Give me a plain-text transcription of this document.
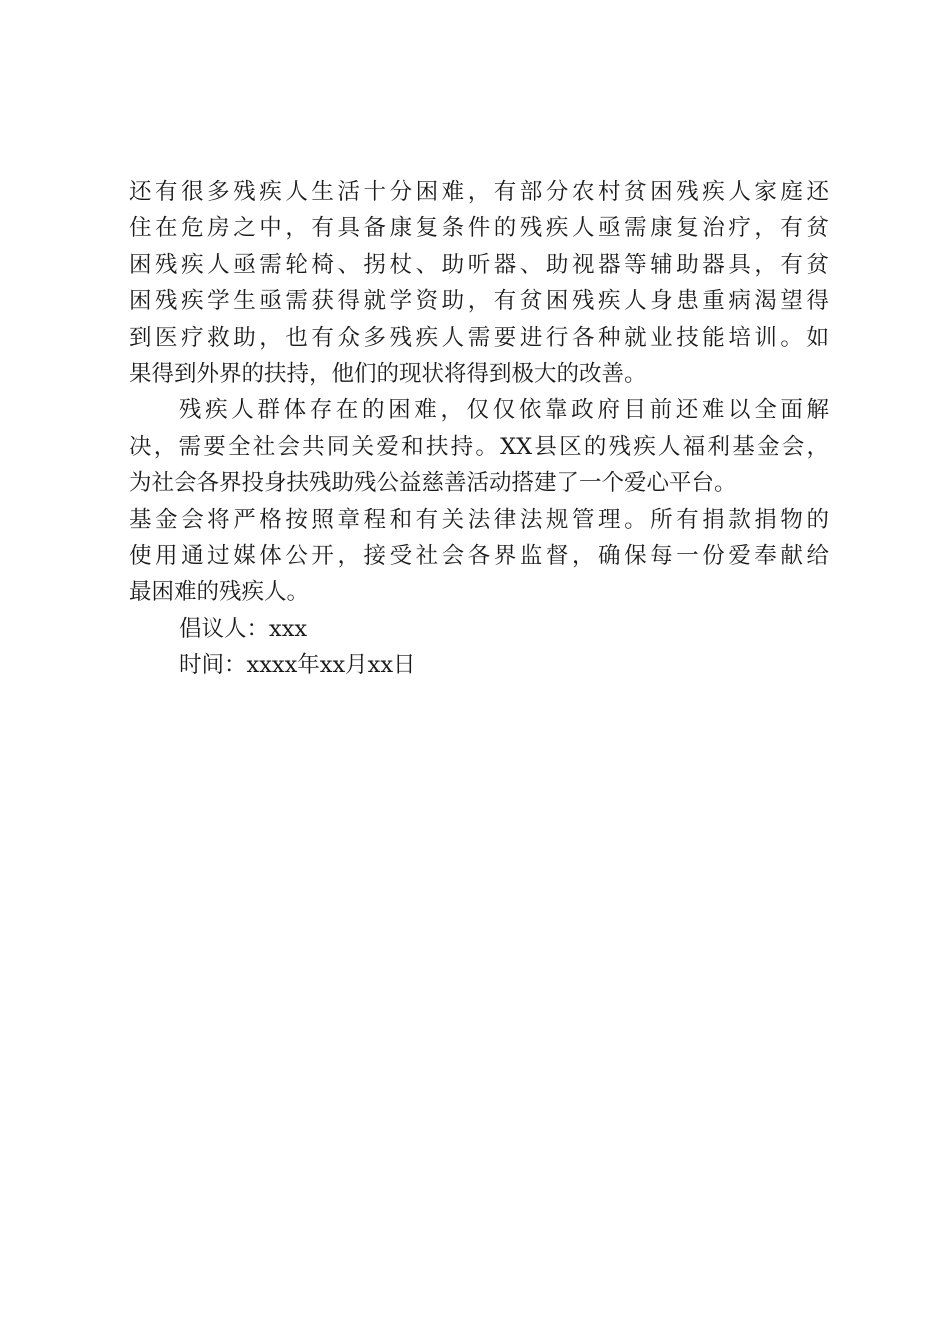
还有很多残疾人生活十分困难，有部分农村贫困残疾人家庭还
住在危房之中，有具备康复条件的残疾人亟需康复治疗，有贫
困残疾人亟需轮椅、拐杖、助听器、助视器等辅助器具，有贫
困残疾学生亟需获得就学资助，有贫困残疾人身患重病渴望得
到医疗救助，也有众多残疾人需要进行各种就业技能培训。如
果得到外界的扶持，他们的现状将得到极大的改善。
残疾人群体存在的困难，仅仅依靠政府目前还难以全面解
决，需要全社会共同关爱和扶持。XX县区的残疾人福利基金会，
为社会各界投身扶残助残公益慈善活动搭建了一个爱心平台。
基金会将严格按照章程和有关法律法规管理。所有捐款捐物的
使用通过媒体公开，接受社会各界监督，确保每一份爱奉献给
最困难的残疾人。
倡议人：xxx
时间：xxxx年xx月xx日
